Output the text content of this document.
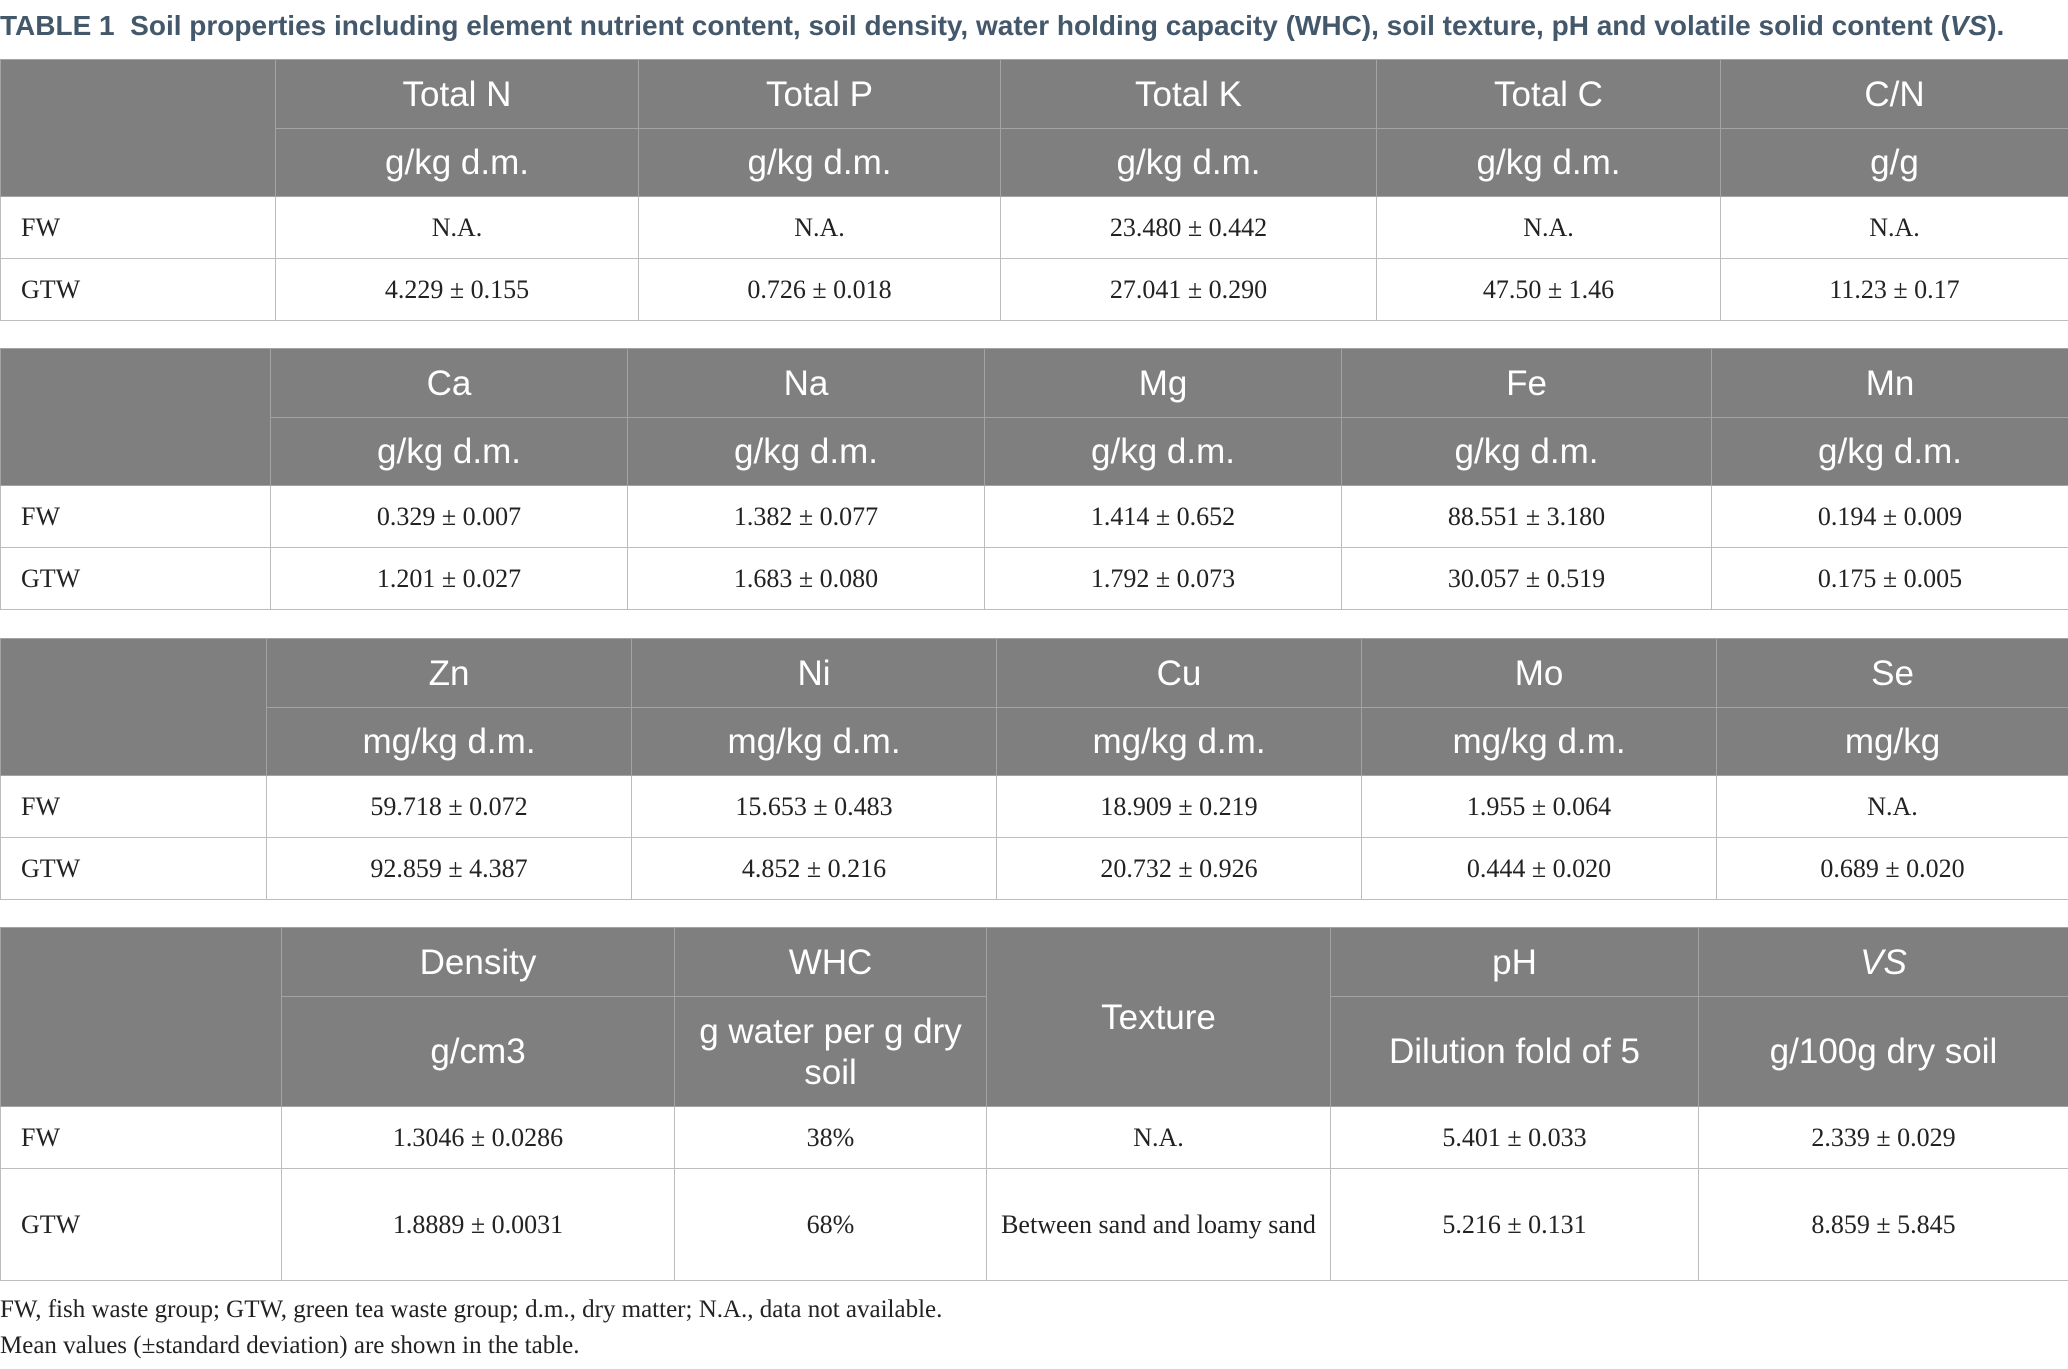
TABLE 1 Soil properties including element nutrient content, soil density, water holding capacity (WHC), soil texture, pH and volatile solid content (VS).
	Total N	Total P	Total K	Total C	C/N
	g/kg d.m.	g/kg d.m.	g/kg d.m.	g/kg d.m.	g/g
FW	N.A.	N.A.	23.480 ± 0.442	N.A.	N.A.
GTW	4.229 ± 0.155	0.726 ± 0.018	27.041 ± 0.290	47.50 ± 1.46	11.23 ± 0.17
	Ca	Na	Mg	Fe	Mn
	g/kg d.m.	g/kg d.m.	g/kg d.m.	g/kg d.m.	g/kg d.m.
FW	0.329 ± 0.007	1.382 ± 0.077	1.414 ± 0.652	88.551 ± 3.180	0.194 ± 0.009
GTW	1.201 ± 0.027	1.683 ± 0.080	1.792 ± 0.073	30.057 ± 0.519	0.175 ± 0.005
	Zn	Ni	Cu	Mo	Se
	mg/kg d.m.	mg/kg d.m.	mg/kg d.m.	mg/kg d.m.	mg/kg
FW	59.718 ± 0.072	15.653 ± 0.483	18.909 ± 0.219	1.955 ± 0.064	N.A.
GTW	92.859 ± 4.387	4.852 ± 0.216	20.732 ± 0.926	0.444 ± 0.020	0.689 ± 0.020
	Density	WHC	Texture	pH	VS
	g/cm3	g water per g dry soil		Dilution fold of 5	g/100g dry soil
FW	1.3046 ± 0.0286	38%	N.A.	5.401 ± 0.033	2.339 ± 0.029
GTW	1.8889 ± 0.0031	68%	Between sand and loamy sand	5.216 ± 0.131	8.859 ± 5.845
FW, fish waste group; GTW, green tea waste group; d.m., dry matter; N.A., data not available.
Mean values (±standard deviation) are shown in the table.
